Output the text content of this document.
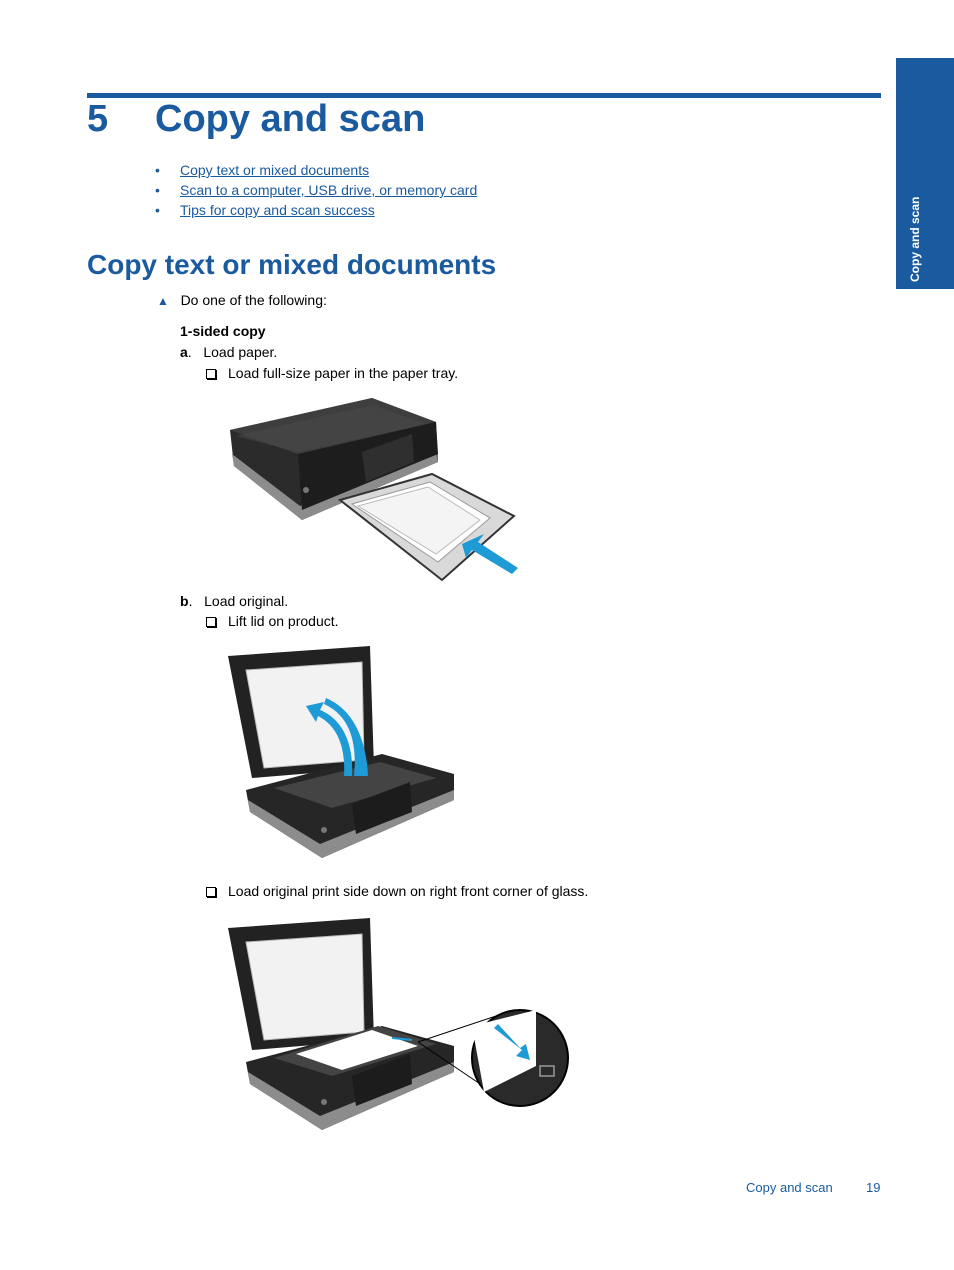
Copy and scan
5 Copy and scan
• Copy text or mixed documents
• Scan to a computer, USB drive, or memory card
• Tips for copy and scan success
Copy text or mixed documents
▲ Do one of the following:
1-sided copy
a.   Load paper.
Load full-size paper in the paper tray.
b.   Load original.
Lift lid on product.
Load original print side down on right front corner of glass.
Copy and scan	19
